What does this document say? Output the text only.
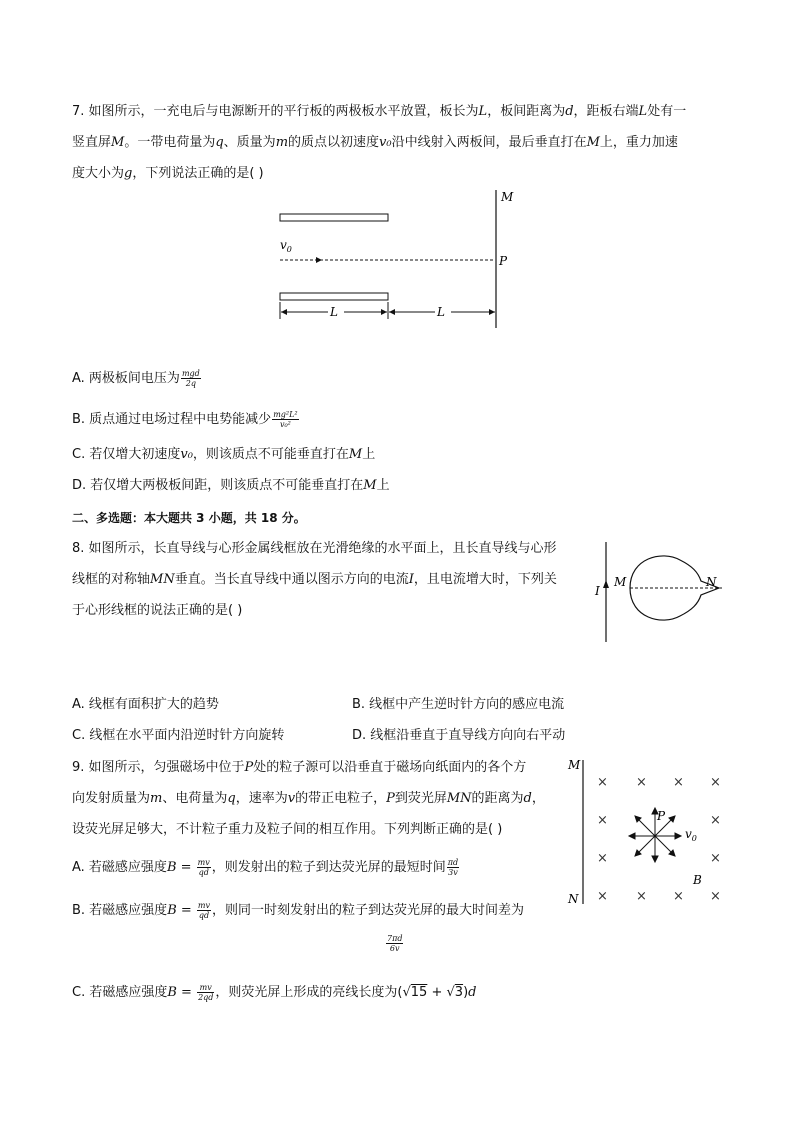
7. 如图所示，一充电后与电源断开的平行板的两极板水平放置，板长为L，板间距离为d，距板右端L处有一
竖直屏M。一带电荷量为q、质量为m的质点以初速度v₀沿中线射入两板间，最后垂直打在M上，重力加速
度大小为g，下列说法正确的是( )
$v_0$
M
P
L	L
A. 两极板间电压为 $\frac{\text{mgd}}{2q}$
B. 质点通过电场过程中电势能减少 $\frac{\text{mg²L²}}{\text{v₀²}}$
C. 若仅增大初速度v₀，则该质点不可能垂直打在M上
D. 若仅增大两极板间距，则该质点不可能垂直打在M上
二、多选题：本大题共 3 小题，共 18 分。
8. 如图所示，长直导线与心形金属线框放在光滑绝缘的水平面上，且长直导线与心形
线框的对称轴MN垂直。当长直导线中通以图示方向的电流I，且电流增大时，下列关
于心形线框的说法正确的是( )
I
M	N
A. 线框有面积扩大的趋势	B. 线框中产生逆时针方向的感应电流
C. 线框在水平面内沿逆时针方向旋转	D. 线框沿垂直于直导线方向向右平动
9. 如图所示，匀强磁场中位于P处的粒子源可以沿垂直于磁场向纸面内的各个方
向发射质量为m、电荷量为q，速率为v的带正电粒子，P到荧光屏MN的距离为d，
设荧光屏足够大，不计粒子重力及粒子间的相互作用。下列判断正确的是( )
A. 若磁感应强度$B = \frac{mv}{qd}$ ，则发射出的粒子到达荧光屏的最短时间 $\frac{\pi d}{3v}$
B. 若磁感应强度$B = \frac{mv}{qd}$ ，则同一时刻发射出的粒子到达荧光屏的最大时间差为
$\frac{7\pi d}{6v}$
C. 若磁感应强度$B = \frac{mv}{2qd}$ ，则荧光屏上形成的亮线长度为(√15 + √3)d
M
N
× × × ×
×	×
×	×
× × × ×
P
$v_0$
B
